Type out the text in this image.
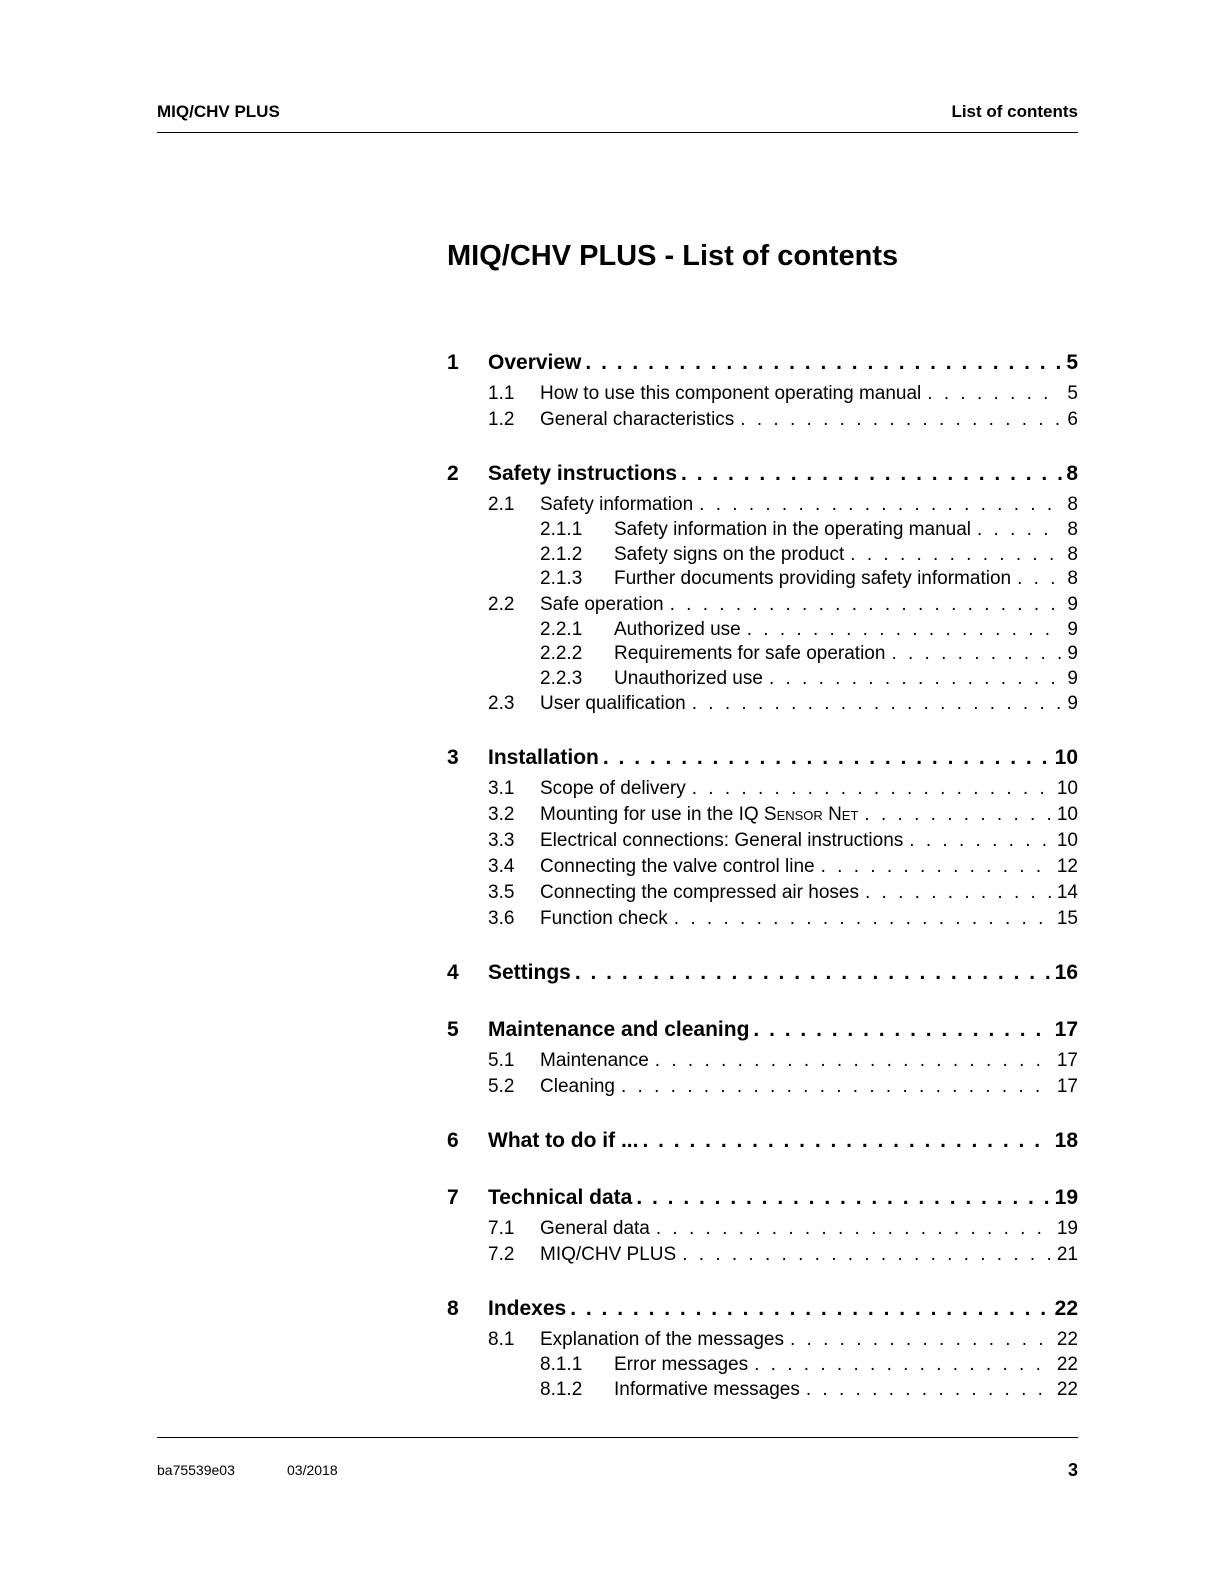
MIQ/CHV PLUS	List of contents
MIQ/CHV PLUS - List of contents
1	Overview . . .	5
1.1	How to use this component operating manual . . .	5
1.2	General characteristics . . .	6
2	Safety instructions . . .	8
2.1	Safety information . . .	8
2.1.1	Safety information in the operating manual . . .	8
2.1.2	Safety signs on the product . . .	8
2.1.3	Further documents providing safety information . . .	8
2.2	Safe operation . . .	9
2.2.1	Authorized use . . .	9
2.2.2	Requirements for safe operation . . .	9
2.2.3	Unauthorized use . . .	9
2.3	User qualification . . .	9
3	Installation . . .	10
3.1	Scope of delivery . . .	10
3.2	Mounting for use in the IQ Sensor Net . . .	10
3.3	Electrical connections: General instructions . . .	10
3.4	Connecting the valve control line . . .	12
3.5	Connecting the compressed air hoses . . .	14
3.6	Function check . . .	15
4	Settings . . .	16
5	Maintenance and cleaning . . .	17
5.1	Maintenance . . .	17
5.2	Cleaning . . .	17
6	What to do if ... . . .	18
7	Technical data . . .	19
7.1	General data . . .	19
7.2	MIQ/CHV PLUS . . .	21
8	Indexes . . .	22
8.1	Explanation of the messages . . .	22
8.1.1	Error messages . . .	22
8.1.2	Informative messages . . .	22
ba75539e03	03/2018	3
